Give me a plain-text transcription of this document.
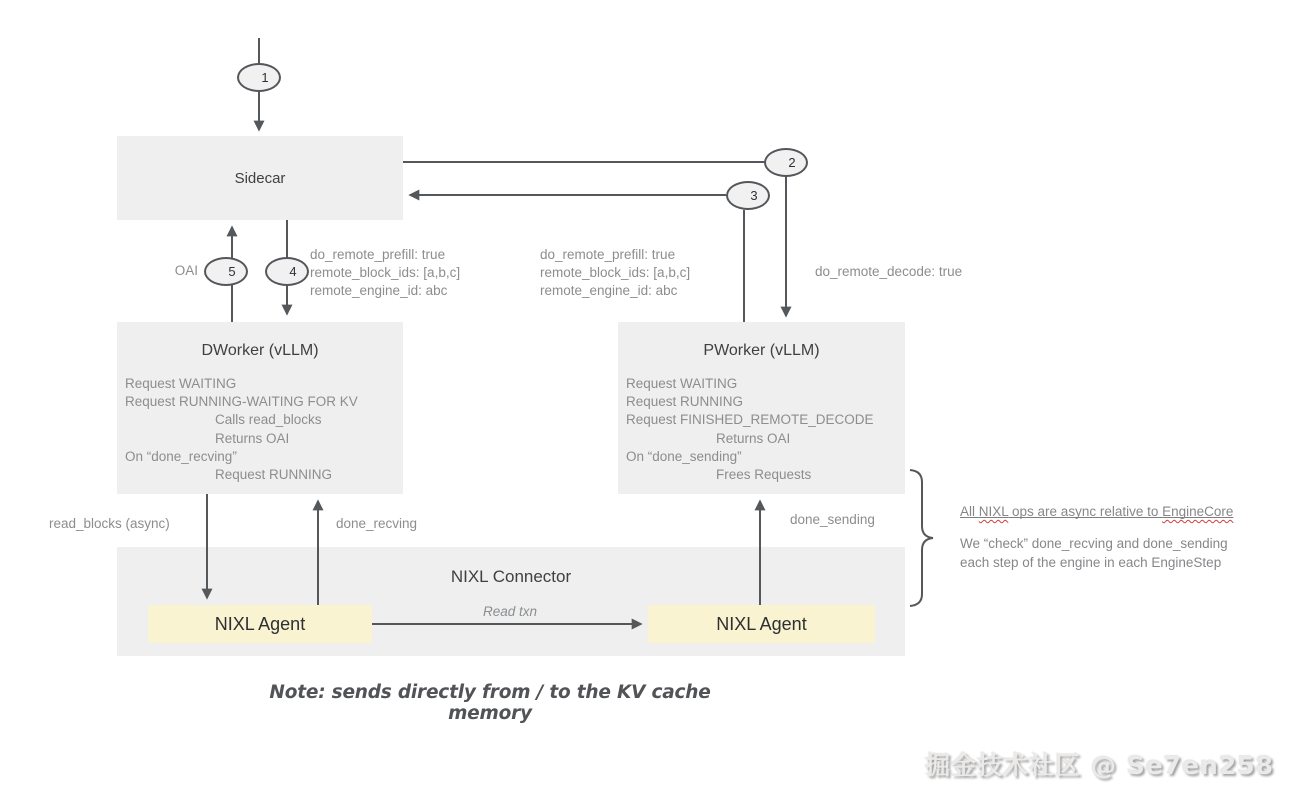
Sidecar
DWorker (vLLM)
Request WAITING
Request RUNNING-WAITING FOR KV
Calls read_blocks
Returns OAI
On “done_recving”
Request RUNNING
PWorker (vLLM)
Request WAITING
Request RUNNING
Request FINISHED_REMOTE_DECODE
Returns OAI
On “done_sending”
Frees Requests
NIXL Connector
NIXL Agent	NIXL Agent
1
2
3
4
5
OAI
do_remote_prefill: true
remote_block_ids: [a,b,c]
remote_engine_id: abc
do_remote_prefill: true
remote_block_ids: [a,b,c]
remote_engine_id: abc
do_remote_decode: true
read_blocks (async)	done_recving	done_sending
Read txn
All NIXL ops are async relative to EngineCore
We “check” done_recving and done_sending
each step of the engine in each EngineStep
Note: sends directly from / to the KV cache memory
掘金技术社区 @ Se7en258
